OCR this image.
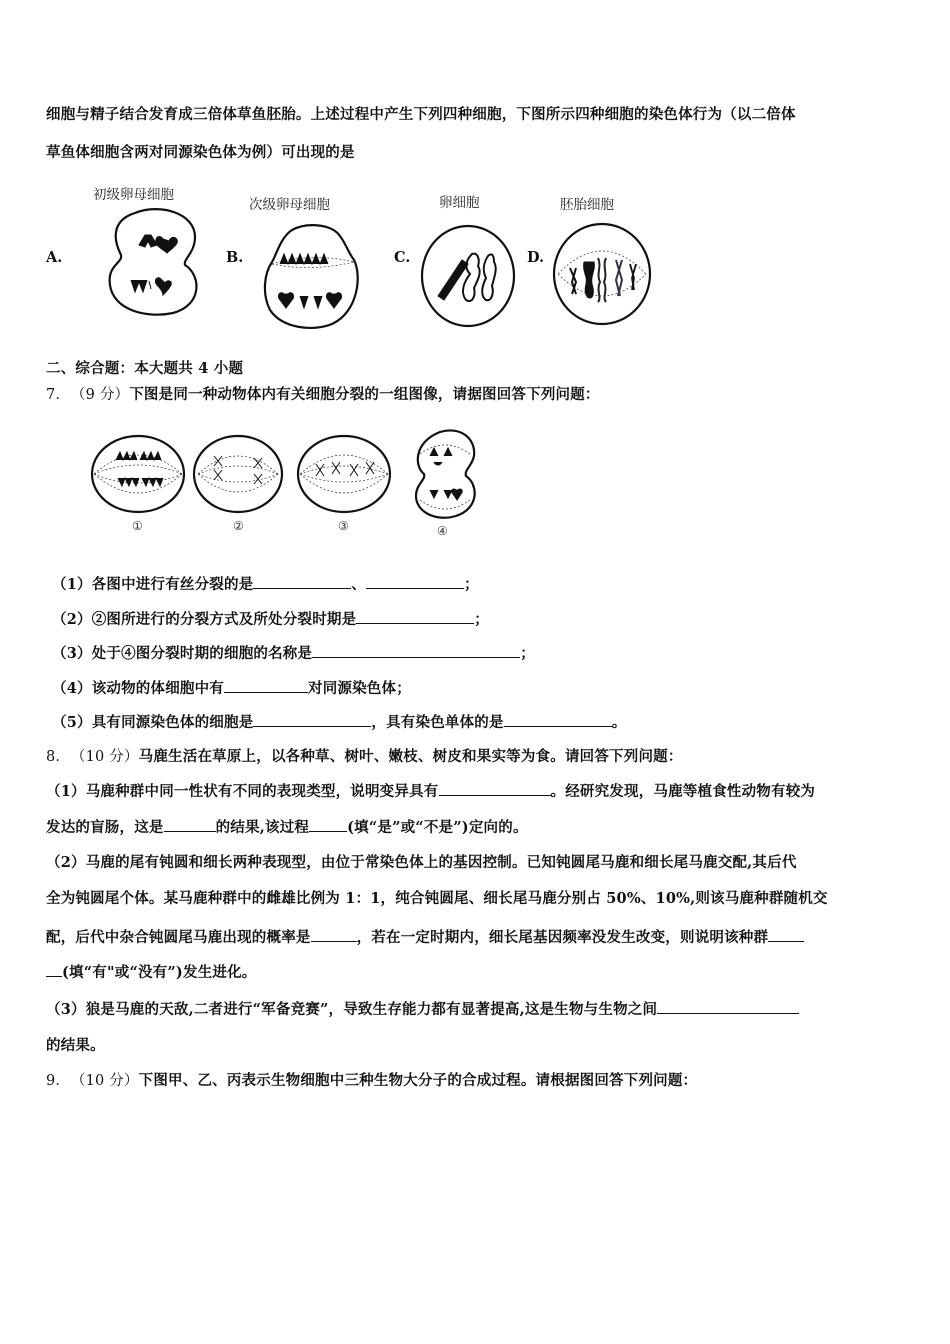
细胞与精子结合发育成三倍体草鱼胚胎。上述过程中产生下列四种细胞，下图所示四种细胞的染色体行为（以二倍体
草鱼体细胞含两对同源染色体为例）可出现的是
A.
初级卵母细胞
B.
次级卵母细胞
C.
卵细胞
D.
胚胎细胞
二、综合题：本大题共 4 小题
7． （9 分）下图是同一种动物体内有关细胞分裂的一组图像，请据图回答下列问题：
①	②	③	④
（1）各图中进行有丝分裂的是	、	；
（2）②图所进行的分裂方式及所处分裂时期是	；
（3）处于④图分裂时期的细胞的名称是	；
（4）该动物的体细胞中有	对同源染色体；
（5）具有同源染色体的细胞是	，具有染色单体的是	。
8． （10 分）马鹿生活在草原上，以各种草、树叶、嫩枝、树皮和果实等为食。请回答下列问题：
（1）马鹿种群中同一性状有不同的表现类型，说明变异具有	。经研究发现，马鹿等植食性动物有较为
发达的盲肠，这是	的结果,该过程	(填“是”或“不是”)定向的。
（2）马鹿的尾有钝圆和细长两种表现型，由位于常染色体上的基因控制。已知钝圆尾马鹿和细长尾马鹿交配,其后代
全为钝圆尾个体。某马鹿种群中的雌雄比例为 1：1，纯合钝圆尾、细长尾马鹿分别占 50%、10%,则该马鹿种群随机交
配，后代中杂合钝圆尾马鹿出现的概率是	，若在一定时期内，细长尾基因频率没发生改变，则说明该种群
(填“有"或“没有”)发生进化。
（3）狼是马鹿的天敌,二者进行“军备竞赛”，导致生存能力都有显著提高,这是生物与生物之间
的结果。
9． （10 分）下图甲、乙、丙表示生物细胞中三种生物大分子的合成过程。请根据图回答下列问题：
